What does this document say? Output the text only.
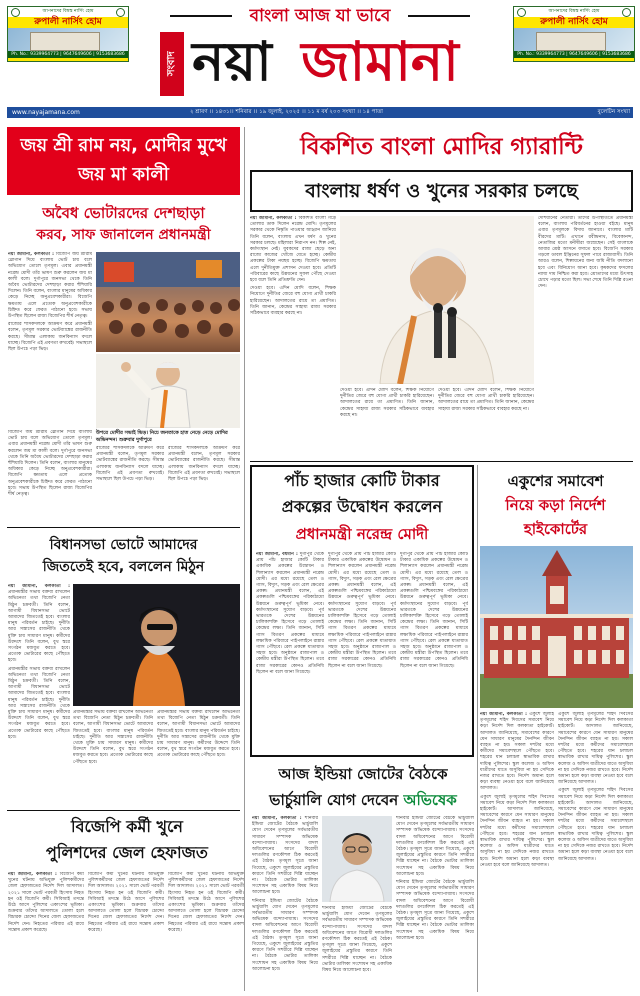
আপনাদের বিশ্বস্ত নার্সিং হোম
রুপালী নার্সিং হোম
Ph. No.: 9339964773 | 9647649606 | 9153683686
আপনাদের বিশ্বস্ত নার্সিং হোম
রুপালী নার্সিং হোম
Ph. No.: 9339964773 | 9647649606 | 9153683686
বাংলা আজ যা ভাবে
সংবাদ নয়া জামানা
www.nayajamana.com	২ শ্রাবণ ।। ১৪৩১।। শনিবার ।। ১৯ জুলাই, ২০২৫ ।। ১১ ম বর্ষ ২০৩ সংখ্যা ।। ১৪ পাতা	বুলেটিন সংখ্যা
জয় শ্রী রাম নয়, মোদীর মুখে জয় মা কালী
অবৈধ ভোটারদের দেশছাড়া
করব, সাফ জানালেন প্রধানমন্ত্রী

নয়া জামানা, কলকাতা : বিজেপি জয় শ্রীরাম স্লোগান দিয়ে বাংলায় ভোট চায় বলে অভিযোগ তোলে তৃণমূল। এবার প্রধানমন্ত্রী নরেন্দ্র মোদী তাঁর ভাষণ শুরু করলেন জয় মা কালী বলে। দুর্গাপুরে জনসভা থেকে তিনি অবৈধ ভোটারদের দেশছাড়া করার হুঁশিয়ারি দিলেন। তিনি বলেন, বাংলার মানুষের অধিকার কেড়ে নিচ্ছে অনুপ্রবেশকারীরা। বিজেপি ক্ষমতায় এলে প্রত্যেক অনুপ্রবেশকারীকে চিহ্নিত করে ফেরত পাঠানো হবে। সভায় উপস্থিত ছিলেন রাজ্য বিজেপির শীর্ষ নেতৃত্ব।

রাজ্যের শাসকদলকে আক্রমণ করে প্রধানমন্ত্রী বলেন, তৃণমূল সরকার ভোটব্যাঙ্কের রাজনীতি করছে। সীমান্ত এলাকায় জনবিন্যাস বদলে যাচ্ছে। বিজেপি এই প্রবণতা রুখবেই। সভাস্থলে ছিল উপচে পড়া ভিড়।

উপরে মোদীর সভাই ভিড়। নিচে জনতাকে হাত নেড়ে নেড়ে মোদির অভিনন্দন। শুক্রবার দুর্গাপুরে

বিজেপি জয় শ্রীরাম স্লোগান দিয়ে বাংলায় ভোট চায় বলে অভিযোগ তোলে তৃণমূল। এবার প্রধানমন্ত্রী নরেন্দ্র মোদী তাঁর ভাষণ শুরু করলেন জয় মা কালী বলে। দুর্গাপুরে জনসভা থেকে তিনি অবৈধ ভোটারদের দেশছাড়া করার হুঁশিয়ারি দিলেন। তিনি বলেন, বাংলার মানুষের অধিকার কেড়ে নিচ্ছে অনুপ্রবেশকারীরা। বিজেপি ক্ষমতায় এলে প্রত্যেক অনুপ্রবেশকারীকে চিহ্নিত করে ফেরত পাঠানো হবে। সভায় উপস্থিত ছিলেন রাজ্য বিজেপির শীর্ষ নেতৃত্ব।

রাজ্যের শাসকদলকে আক্রমণ করে প্রধানমন্ত্রী বলেন, তৃণমূল সরকার ভোটব্যাঙ্কের রাজনীতি করছে। সীমান্ত এলাকায় জনবিন্যাস বদলে যাচ্ছে। বিজেপি এই প্রবণতা রুখবেই। সভাস্থলে ছিল উপচে পড়া ভিড়।

রাজ্যের শাসকদলকে আক্রমণ করে প্রধানমন্ত্রী বলেন, তৃণমূল সরকার ভোটব্যাঙ্কের রাজনীতি করছে। সীমান্ত এলাকায় জনবিন্যাস বদলে যাচ্ছে। বিজেপি এই প্রবণতা রুখবেই। সভাস্থলে ছিল উপচে পড়া ভিড়।

বিধানসভা ভোটে আমাদের
জিততেই হবে, বললেন মিঠুন

নয়া জামানা, কলকাতা : প্রধানমন্ত্রীর সভায় বক্তব্য রাখলেন অভিনেতা তথা বিজেপি নেতা মিঠুন চক্রবর্তী। তিনি বলেন, আগামী বিধানসভা ভোটে আমাদের জিততেই হবে। বাংলার মানুষ পরিবর্তন চাইছে। দুর্নীতি আর সন্ত্রাসের রাজনীতি থেকে মুক্তি চায় সাধারণ মানুষ। কর্মীদের উদ্দেশে তিনি বলেন, বুথ স্তরে সংগঠন মজবুত করতে হবে। প্রত্যেক ভোটারের কাছে পৌঁছতে হবে।

প্রধানমন্ত্রীর সভায় বক্তব্য রাখলেন অভিনেতা তথা বিজেপি নেতা মিঠুন চক্রবর্তী। তিনি বলেন, আগামী বিধানসভা ভোটে আমাদের জিততেই হবে। বাংলার মানুষ পরিবর্তন চাইছে। দুর্নীতি আর সন্ত্রাসের রাজনীতি থেকে মুক্তি চায় সাধারণ মানুষ। কর্মীদের উদ্দেশে তিনি বলেন, বুথ স্তরে সংগঠন মজবুত করতে হবে। প্রত্যেক ভোটারের কাছে পৌঁছতে হবে।

প্রধানমন্ত্রীর সভায় বক্তব্য রাখলেন অভিনেতা তথা বিজেপি নেতা মিঠুন চক্রবর্তী। তিনি বলেন, আগামী বিধানসভা ভোটে আমাদের জিততেই হবে। বাংলার মানুষ পরিবর্তন চাইছে। দুর্নীতি আর সন্ত্রাসের রাজনীতি থেকে মুক্তি চায় সাধারণ মানুষ। কর্মীদের উদ্দেশে তিনি বলেন, বুথ স্তরে সংগঠন মজবুত করতে হবে। প্রত্যেক ভোটারের কাছে পৌঁছতে হবে।

প্রধানমন্ত্রীর সভায় বক্তব্য রাখলেন অভিনেতা তথা বিজেপি নেতা মিঠুন চক্রবর্তী। তিনি বলেন, আগামী বিধানসভা ভোটে আমাদের জিততেই হবে। বাংলার মানুষ পরিবর্তন চাইছে। দুর্নীতি আর সন্ত্রাসের রাজনীতি থেকে মুক্তি চায় সাধারণ মানুষ। কর্মীদের উদ্দেশে তিনি বলেন, বুথ স্তরে সংগঠন মজবুত করতে হবে। প্রত্যেক ভোটারের কাছে পৌঁছতে হবে।

বিজেপি কর্মী খুনে
পুলিশদের জেল হেফাজত

নয়া জামানা, কলকাতা : বিজেপি কর্মী খুনের ঘটনায় অভিযুক্ত পুলিশকর্মীদের জেল হেফাজতের নির্দেশ দিল আদালত। ২০২১ সালে ভোট পরবর্তী হিংসায় নিহত হন ওই বিজেপি কর্মী। সিবিআই তদন্তে উঠে আসে পুলিশের একাংশের ভূমিকা। শুক্রবার তাঁদের আদালতে তোলা হলে বিচারক চোদ্দো দিনের জেল হেফাজতের নির্দেশ দেন। নিহতের পরিবার এই রায়ে সন্তোষ প্রকাশ করেছে।

বিজেপি কর্মী খুনের ঘটনায় অভিযুক্ত পুলিশকর্মীদের জেল হেফাজতের নির্দেশ দিল আদালত। ২০২১ সালে ভোট পরবর্তী হিংসায় নিহত হন ওই বিজেপি কর্মী। সিবিআই তদন্তে উঠে আসে পুলিশের একাংশের ভূমিকা। শুক্রবার তাঁদের আদালতে তোলা হলে বিচারক চোদ্দো দিনের জেল হেফাজতের নির্দেশ দেন। নিহতের পরিবার এই রায়ে সন্তোষ প্রকাশ করেছে।

বিজেপি কর্মী খুনের ঘটনায় অভিযুক্ত পুলিশকর্মীদের জেল হেফাজতের নির্দেশ দিল আদালত। ২০২১ সালে ভোট পরবর্তী হিংসায় নিহত হন ওই বিজেপি কর্মী। সিবিআই তদন্তে উঠে আসে পুলিশের একাংশের ভূমিকা। শুক্রবার তাঁদের আদালতে তোলা হলে বিচারক চোদ্দো দিনের জেল হেফাজতের নির্দেশ দেন। নিহতের পরিবার এই রায়ে সন্তোষ প্রকাশ করেছে।

বিকশিত বাংলা মোদির গ্যারান্টি
বাংলায় ধর্ষণ ও খুনের সরকার চলছে

নয়া জামানা, কলকাতা : বিকশিত বাংলা গড়ে তোলার ডাক দিলেন নরেন্দ্র মোদি। তৃণমূলের সরকার থেকে নিষ্কৃতি পাওয়ার আহ্বান জানিয়ে তিনি বলেন, বাংলায় এখন ধর্ষণ ও খুনের সরকার চলছে। মহিলারা নিরাপদ নন। শিল্প নেই, কর্মসংস্থান নেই। যুবকদের রাজ্য ছেড়ে অন্য রাজ্যে কাজের খোঁজে যেতে হচ্ছে। কেন্দ্রীয় প্রকল্পের টাকা নয়ছয় হচ্ছে। বিজেপি ক্ষমতায় এলে দুর্নীতিমুক্ত প্রশাসন দেওয়া হবে। প্রতিটি পরিবারের কাছে উন্নয়নের সুফল পৌঁছে দেওয়া হবে বলে তিনি প্রতিশ্রুতি দেন।

দেওয়া হবে। এদিন মোদি বলেন, শিক্ষক নিয়োগে দুর্নীতির জেরে বহু যোগ্য প্রার্থী চাকরি হারিয়েছেন। আদালতের রায়ে তা প্রমাণিত। তিনি জানান, কেন্দ্রের সাহায্য রাজ্য সরকার সঠিকভাবে ব্যবহার করছে না।

দেওয়া হবে। এদিন মোদি বলেন, শিক্ষক নিয়োগে দুর্নীতির জেরে বহু যোগ্য প্রার্থী চাকরি হারিয়েছেন। আদালতের রায়ে তা প্রমাণিত। তিনি জানান, কেন্দ্রের সাহায্য রাজ্য সরকার সঠিকভাবে ব্যবহার করছে না।

দেওয়া হবে। এদিন মোদি বলেন, শিক্ষক নিয়োগে দুর্নীতির জেরে বহু যোগ্য প্রার্থী চাকরি হারিয়েছেন। আদালতের রায়ে তা প্রমাণিত। তিনি জানান, কেন্দ্রের সাহায্য রাজ্য সরকার সঠিকভাবে ব্যবহার করছে না।

দেশিয়ানের নেতারা। তাঁদের উপস্থিতিতে প্রধানমন্ত্রী বলেন, বাংলায় পরিবর্তনের হাওয়া বইছে। মানুষ এবার তৃণমূলকে বিদায় জানাবে। বাংলার মাটি বীরদের মাটি। এখানে রবীন্দ্রনাথ, বিবেকানন্দ, নেতাজির মতো মনীষীরা জন্মেছেন। সেই বাংলাকে আবার শ্রেষ্ঠ আসনে বসাতে হবে। বিজেপি সরকার গড়লে ডাবল ইঞ্জিনের সুফল পাবে রাজ্যবাসী। তিনি আরও বলেন, শিল্পায়নের জন্য জমি নীতি বদলানো হবে এবং বিনিয়োগ আনা হবে। কৃষকদের ফসলের ন্যায্য দাম নিশ্চিত করা হবে। শ্রোতাদের মধ্যে উৎসাহ চোখে পড়ার মতো ছিল। সভা শেষে তিনি দিল্লি রওনা দেন।

পাঁচ হাজার কোটি টাকার
প্রকল্পের উদ্বোধন করলেন
প্রধানমন্ত্রী নরেন্দ্র মোদী

নয়া জামানা, বর্ধমান : দুর্গাপুর থেকে প্রায় পাঁচ হাজার কোটি টাকার একাধিক প্রকল্পের উদ্বোধন ও শিলান্যাস করলেন প্রধানমন্ত্রী নরেন্দ্র মোদী। এর মধ্যে রয়েছে তেল ও গ্যাস, বিদ্যুৎ, সড়ক এবং রেল ক্ষেত্রের প্রকল্প। প্রধানমন্ত্রী বলেন, এই প্রকল্পগুলি পশ্চিমবঙ্গের পরিকাঠামো উন্নয়নে গুরুত্বপূর্ণ ভূমিকা নেবে। কর্মসংস্থানের সুযোগ বাড়বে। পূর্ব ভারতকে দেশের উন্নয়নের চালিকাশক্তি হিসেবে গড়ে তোলাই কেন্দ্রের লক্ষ্য। তিনি জানান, সিটি গ্যাস বিতরণ প্রকল্পের মাধ্যমে লক্ষাধিক পরিবারে পাইপলাইনে রান্নার গ্যাস পৌঁছবে। রেল প্রকল্পে যাতায়াত সহজ হবে। অনুষ্ঠানে রাজ্যপাল ও কেন্দ্রীয় মন্ত্রীরা উপস্থিত ছিলেন। তবে রাজ্য সরকারের কোনও প্রতিনিধি ছিলেন না বলে জানা গিয়েছে।

দুর্গাপুর থেকে প্রায় পাঁচ হাজার কোটি টাকার একাধিক প্রকল্পের উদ্বোধন ও শিলান্যাস করলেন প্রধানমন্ত্রী নরেন্দ্র মোদী। এর মধ্যে রয়েছে তেল ও গ্যাস, বিদ্যুৎ, সড়ক এবং রেল ক্ষেত্রের প্রকল্প। প্রধানমন্ত্রী বলেন, এই প্রকল্পগুলি পশ্চিমবঙ্গের পরিকাঠামো উন্নয়নে গুরুত্বপূর্ণ ভূমিকা নেবে। কর্মসংস্থানের সুযোগ বাড়বে। পূর্ব ভারতকে দেশের উন্নয়নের চালিকাশক্তি হিসেবে গড়ে তোলাই কেন্দ্রের লক্ষ্য। তিনি জানান, সিটি গ্যাস বিতরণ প্রকল্পের মাধ্যমে লক্ষাধিক পরিবারে পাইপলাইনে রান্নার গ্যাস পৌঁছবে। রেল প্রকল্পে যাতায়াত সহজ হবে। অনুষ্ঠানে রাজ্যপাল ও কেন্দ্রীয় মন্ত্রীরা উপস্থিত ছিলেন। তবে রাজ্য সরকারের কোনও প্রতিনিধি ছিলেন না বলে জানা গিয়েছে।

দুর্গাপুর থেকে প্রায় পাঁচ হাজার কোটি টাকার একাধিক প্রকল্পের উদ্বোধন ও শিলান্যাস করলেন প্রধানমন্ত্রী নরেন্দ্র মোদী। এর মধ্যে রয়েছে তেল ও গ্যাস, বিদ্যুৎ, সড়ক এবং রেল ক্ষেত্রের প্রকল্প। প্রধানমন্ত্রী বলেন, এই প্রকল্পগুলি পশ্চিমবঙ্গের পরিকাঠামো উন্নয়নে গুরুত্বপূর্ণ ভূমিকা নেবে। কর্মসংস্থানের সুযোগ বাড়বে। পূর্ব ভারতকে দেশের উন্নয়নের চালিকাশক্তি হিসেবে গড়ে তোলাই কেন্দ্রের লক্ষ্য। তিনি জানান, সিটি গ্যাস বিতরণ প্রকল্পের মাধ্যমে লক্ষাধিক পরিবারে পাইপলাইনে রান্নার গ্যাস পৌঁছবে। রেল প্রকল্পে যাতায়াত সহজ হবে। অনুষ্ঠানে রাজ্যপাল ও কেন্দ্রীয় মন্ত্রীরা উপস্থিত ছিলেন। তবে রাজ্য সরকারের কোনও প্রতিনিধি ছিলেন না বলে জানা গিয়েছে।

একুশের সমাবেশ
নিয়ে কড়া নির্দেশ
হাইকোর্টের

নয়া জামানা, কলকাতা : একুশে জুলাই তৃণমূলের শহিদ দিবসের সমাবেশ নিয়ে কড়া নির্দেশ দিল কলকাতা হাইকোর্ট। আদালত জানিয়েছে, সমাবেশের কারণে যেন সাধারণ মানুষের দৈনন্দিন জীবন ব্যাহত না হয়। সকাল দশটার মধ্যে কর্মীদের সমাবেশস্থলে পৌঁছতে হবে। শহরের যান চলাচল স্বাভাবিক রাখার দায়িত্ব পুলিশের। স্কুল কলেজ ও অফিস যাত্রীদের যাতে অসুবিধা না হয় সেদিকে নজর রাখতে হবে। নির্দেশ অমান্য হলে কড়া ব্যবস্থা নেওয়া হবে বলে জানিয়েছে আদালত।

একুশে জুলাই তৃণমূলের শহিদ দিবসের সমাবেশ নিয়ে কড়া নির্দেশ দিল কলকাতা হাইকোর্ট। আদালত জানিয়েছে, সমাবেশের কারণে যেন সাধারণ মানুষের দৈনন্দিন জীবন ব্যাহত না হয়। সকাল দশটার মধ্যে কর্মীদের সমাবেশস্থলে পৌঁছতে হবে। শহরের যান চলাচল স্বাভাবিক রাখার দায়িত্ব পুলিশের। স্কুল কলেজ ও অফিস যাত্রীদের যাতে অসুবিধা না হয় সেদিকে নজর রাখতে হবে। নির্দেশ অমান্য হলে কড়া ব্যবস্থা নেওয়া হবে বলে জানিয়েছে আদালত।

একুশে জুলাই তৃণমূলের শহিদ দিবসের সমাবেশ নিয়ে কড়া নির্দেশ দিল কলকাতা হাইকোর্ট। আদালত জানিয়েছে, সমাবেশের কারণে যেন সাধারণ মানুষের দৈনন্দিন জীবন ব্যাহত না হয়। সকাল দশটার মধ্যে কর্মীদের সমাবেশস্থলে পৌঁছতে হবে। শহরের যান চলাচল স্বাভাবিক রাখার দায়িত্ব পুলিশের। স্কুল কলেজ ও অফিস যাত্রীদের যাতে অসুবিধা না হয় সেদিকে নজর রাখতে হবে। নির্দেশ অমান্য হলে কড়া ব্যবস্থা নেওয়া হবে বলে জানিয়েছে আদালত।

একুশে জুলাই তৃণমূলের শহিদ দিবসের সমাবেশ নিয়ে কড়া নির্দেশ দিল কলকাতা হাইকোর্ট। আদালত জানিয়েছে, সমাবেশের কারণে যেন সাধারণ মানুষের দৈনন্দিন জীবন ব্যাহত না হয়। সকাল দশটার মধ্যে কর্মীদের সমাবেশস্থলে পৌঁছতে হবে। শহরের যান চলাচল স্বাভাবিক রাখার দায়িত্ব পুলিশের। স্কুল কলেজ ও অফিস যাত্রীদের যাতে অসুবিধা না হয় সেদিকে নজর রাখতে হবে। নির্দেশ অমান্য হলে কড়া ব্যবস্থা নেওয়া হবে বলে জানিয়েছে আদালত।

আজ ইন্ডিয়া জোটের বৈঠকে
ভার্চুয়ালি যোগ দেবেন অভিষেক

নয়া জামানা, কলকাতা : শনিবার ইন্ডিয়া জোটের বৈঠকে ভার্চুয়ালি যোগ দেবেন তৃণমূলের সর্বভারতীয় সাধারণ সম্পাদক অভিষেক বন্দ্যোপাধ্যায়। সংসদের বাদল অধিবেশনের আগে বিরোধী দলগুলির রণকৌশল ঠিক করতেই এই বৈঠক। তৃণমূল সূত্রে জানা গিয়েছে, একুশে জুলাইয়ের প্রস্তুতির কারণে তিনি সশরীরে দিল্লি যাচ্ছেন না। বৈঠকে ভোটার তালিকা সংশোধন সহ একাধিক বিষয় নিয়ে আলোচনা হবে।

শনিবার ইন্ডিয়া জোটের বৈঠকে ভার্চুয়ালি যোগ দেবেন তৃণমূলের সর্বভারতীয় সাধারণ সম্পাদক অভিষেক বন্দ্যোপাধ্যায়। সংসদের বাদল অধিবেশনের আগে বিরোধী দলগুলির রণকৌশল ঠিক করতেই এই বৈঠক। তৃণমূল সূত্রে জানা গিয়েছে, একুশে জুলাইয়ের প্রস্তুতির কারণে তিনি সশরীরে দিল্লি যাচ্ছেন না। বৈঠকে ভোটার তালিকা সংশোধন সহ একাধিক বিষয় নিয়ে আলোচনা হবে।

শনিবার ইন্ডিয়া জোটের বৈঠকে ভার্চুয়ালি যোগ দেবেন তৃণমূলের সর্বভারতীয় সাধারণ সম্পাদক অভিষেক বন্দ্যোপাধ্যায়। সংসদের বাদল অধিবেশনের আগে বিরোধী দলগুলির রণকৌশল ঠিক করতেই এই বৈঠক। তৃণমূল সূত্রে জানা গিয়েছে, একুশে জুলাইয়ের প্রস্তুতির কারণে তিনি সশরীরে দিল্লি যাচ্ছেন না। বৈঠকে ভোটার তালিকা সংশোধন সহ একাধিক বিষয় নিয়ে আলোচনা হবে।

শনিবার ইন্ডিয়া জোটের বৈঠকে ভার্চুয়ালি যোগ দেবেন তৃণমূলের সর্বভারতীয় সাধারণ সম্পাদক অভিষেক বন্দ্যোপাধ্যায়। সংসদের বাদল অধিবেশনের আগে বিরোধী দলগুলির রণকৌশল ঠিক করতেই এই বৈঠক। তৃণমূল সূত্রে জানা গিয়েছে, একুশে জুলাইয়ের প্রস্তুতির কারণে তিনি সশরীরে দিল্লি যাচ্ছেন না। বৈঠকে ভোটার তালিকা সংশোধন সহ একাধিক বিষয় নিয়ে আলোচনা হবে।

শনিবার ইন্ডিয়া জোটের বৈঠকে ভার্চুয়ালি যোগ দেবেন তৃণমূলের সর্বভারতীয় সাধারণ সম্পাদক অভিষেক বন্দ্যোপাধ্যায়। সংসদের বাদল অধিবেশনের আগে বিরোধী দলগুলির রণকৌশল ঠিক করতেই এই বৈঠক। তৃণমূল সূত্রে জানা গিয়েছে, একুশে জুলাইয়ের প্রস্তুতির কারণে তিনি সশরীরে দিল্লি যাচ্ছেন না। বৈঠকে ভোটার তালিকা সংশোধন সহ একাধিক বিষয় নিয়ে আলোচনা হবে।
